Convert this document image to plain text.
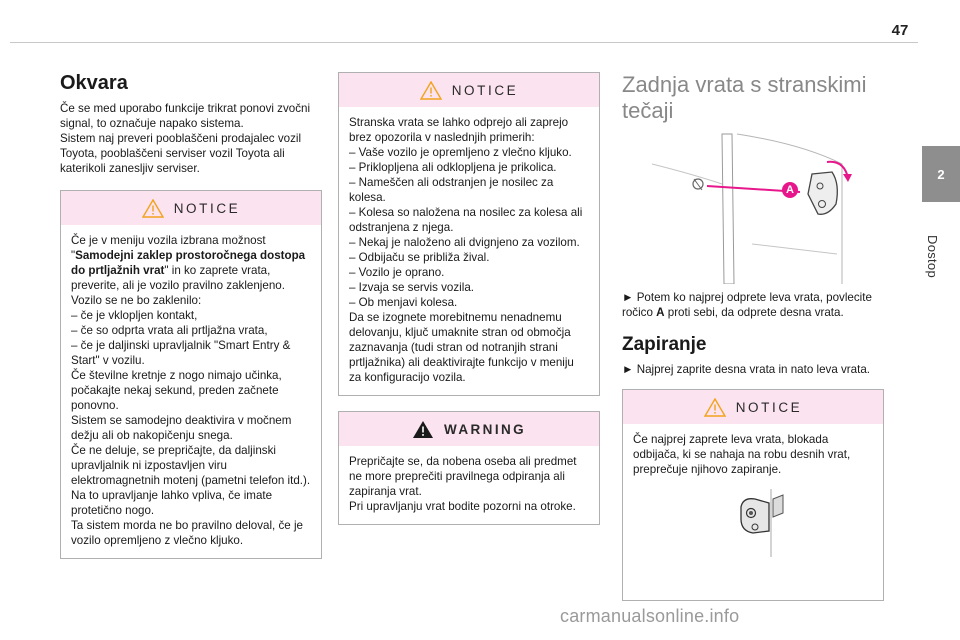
47
2
Dostop
Okvara

Če se med uporabo funkcije trikrat ponovi zvočni signal, to označuje napako sistema.
Sistem naj preveri pooblaščeni prodajalec vozil Toyota, pooblaščeni serviser vozil Toyota ali katerikoli zanesljiv serviser.

NOTICE
Če je v meniju vozila izbrana možnost "Samodejni zaklep prostoročnega dostopa do prtljažnih vrat" in ko zaprete vrata, preverite, ali je vozilo pravilno zaklenjeno.
Vozilo se ne bo zaklenilo:
– če je vklopljen kontakt,
– če so odprta vrata ali prtljažna vrata,
– če je daljinski upravljalnik "Smart Entry & Start" v vozilu.
Če številne kretnje z nogo nimajo učinka, počakajte nekaj sekund, preden začnete ponovno.
Sistem se samodejno deaktivira v močnem dežju ali ob nakopičenju snega.
Če ne deluje, se prepričajte, da daljinski upravljalnik ni izpostavljen viru elektromagnetnih motenj (pametni telefon itd.).
Na to upravljanje lahko vpliva, če imate protetično nogo.
Ta sistem morda ne bo pravilno deloval, če je vozilo opremljeno z vlečno kljuko.
NOTICE
Stranska vrata se lahko odprejo ali zaprejo brez opozorila v naslednjih primerih:
– Vaše vozilo je opremljeno z vlečno kljuko.
– Priklopljena ali odklopljena je prikolica.
– Nameščen ali odstranjen je nosilec za kolesa.
– Kolesa so naložena na nosilec za kolesa ali odstranjena z njega.
– Nekaj je naloženo ali dvignjeno za vozilom.
– Odbijaču se približa žival.
– Vozilo je oprano.
– Izvaja se servis vozila.
– Ob menjavi kolesa.
Da se izognete morebitnemu nenadnemu delovanju, ključ umaknite stran od območja zaznavanja (tudi stran od notranjih strani prtljažnika) ali deaktivirajte funkcijo v meniju za konfiguracijo vozila.
WARNING
Prepričajte se, da nobena oseba ali predmet ne more preprečiti pravilnega odpiranja ali zapiranja vrat.
Pri upravljanju vrat bodite pozorni na otroke.
Zadnja vrata s stranskimi tečaji
A

► Potem ko najprej odprete leva vrata, povlecite ročico A proti sebi, da odprete desna vrata.

Zapiranje

► Najprej zaprite desna vrata in nato leva vrata.

NOTICE
Če najprej zaprete leva vrata, blokada odbijača, ki se nahaja na robu desnih vrat, preprečuje njihovo zapiranje.
carmanualsonline.info
